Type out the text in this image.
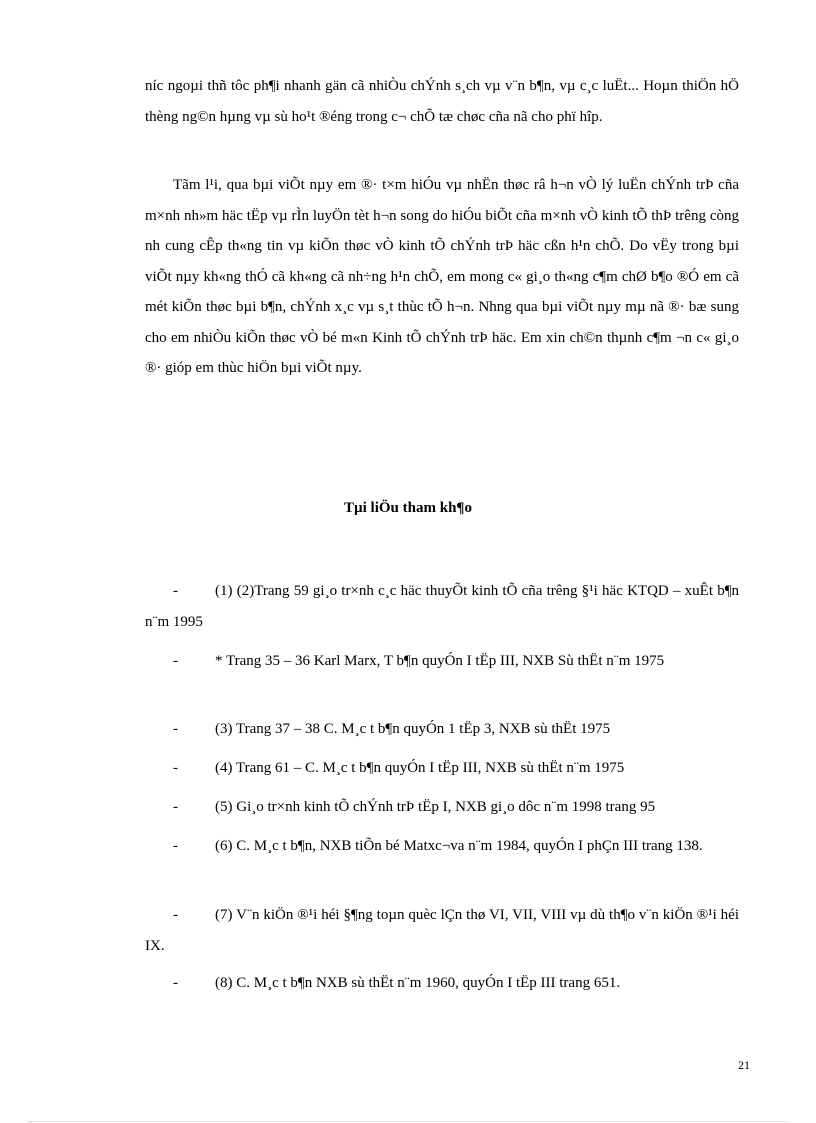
níc ngoµi thñ tôc ph¶i nhanh gän cã nhiÒu chÝnh s¸ch vµ v¨n b¶n, vµ c¸c luËt... Hoµn thiÖn hÖ thèng ng©n hµng vµ sù ho¹t ®éng trong c¬ chÕ tæ chøc cña nã cho phï hîp.

Tãm l¹i, qua bµi viÕt nµy em ®· t×m hiÓu vµ nhËn thøc râ h¬n vÒ lý luËn chÝnh trÞ cña m×nh nh»m häc tËp vµ rÌn luyÖn tèt h¬n song do hiÓu biÕt cña m×nh vÒ kinh tÕ thÞ trêng còng nh cung cÊp th«ng tin vµ kiÕn thøc vÒ kinh tÕ chÝnh trÞ häc cßn h¹n chÕ. Do vËy trong bµi viÕt nµy kh«ng thÓ cã kh«ng cã nh÷ng h¹n chÕ, em mong c« gi¸o th«ng c¶m chØ b¶o ®Ó em cã mét kiÕn thøc bµi b¶n, chÝnh x¸c vµ s¸t thùc tÕ h¬n. Nhng qua bµi viÕt nµy mµ nã ®· bæ sung cho em nhiÒu kiÕn thøc vÒ bé m«n Kinh tÕ chÝnh trÞ häc. Em xin ch©n thµnh c¶m ¬n c« gi¸o ®· gióp em thùc hiÖn bµi viÕt nµy.

Tµi liÖu tham kh¶o

- (1) (2)Trang 59 gi¸o tr×nh c¸c häc thuyÕt kinh tÕ cña trêng §¹i häc KTQD – xuÊt b¶n n¨m 1995

- * Trang 35 – 36 Karl Marx, T b¶n quyÓn I tËp III, NXB Sù thËt n¨m 1975

- (3) Trang 37 – 38 C. M¸c t b¶n quyÓn 1 tËp 3, NXB sù thËt 1975

- (4) Trang 61 – C. M¸c t b¶n quyÓn I tËp III, NXB sù thËt n¨m 1975

- (5) Gi¸o tr×nh kinh tÕ chÝnh trÞ tËp I, NXB gi¸o dôc n¨m 1998 trang 95

- (6) C. M¸c t b¶n, NXB tiÕn bé Matxc¬va n¨m 1984, quyÓn I phÇn III trang 138.

- (7) V¨n kiÖn ®¹i héi §¶ng toµn quèc lÇn thø VI, VII, VIII vµ dù th¶o v¨n kiÖn ®¹i héi IX.

- (8) C. M¸c t b¶n NXB sù thËt n¨m 1960, quyÓn I tËp III trang 651.

21
